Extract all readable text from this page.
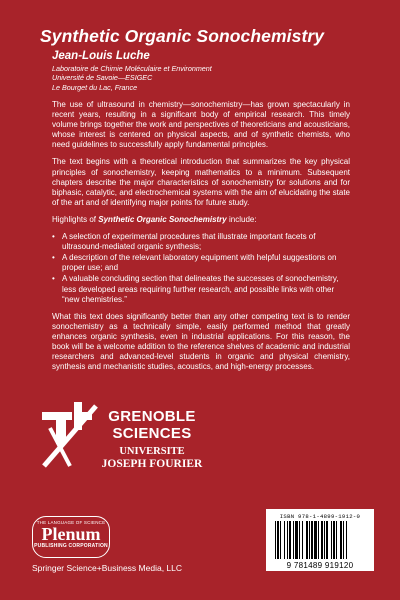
Synthetic Organic Sonochemistry
Jean-Louis Luche
Laboratoire de Chimie Moléculaire et Environment
Université de Savoie—ESIGEC
Le Bourget du Lac, France

The use of ultrasound in chemistry—sonochemistry—has grown spectacularly in recent years, resulting in a significant body of empirical research. This timely volume brings together the work and perspectives of theoreticians and acousticians, whose interest is centered on physical aspects, and of synthetic chemists, who need guidelines to successfully apply fundamental principles.

The text begins with a theoretical introduction that summarizes the key physical principles of sonochemistry, keeping mathematics to a minimum. Subsequent chapters describe the major characteristics of sonochemistry for solutions and for biphasic, catalytic, and electrochemical systems with the aim of elucidating the state of the art and of identifying major points for future study.

Highlights of Synthetic Organic Sonochemistry include:

• A selection of experimental procedures that illustrate important facets of ultrasound-mediated organic synthesis;
• A description of the relevant laboratory equipment with helpful suggestions on proper use; and
• A valuable concluding section that delineates the successes of sonochemistry, less developed areas requiring further research, and possible links with other “new chemistries.”

What this text does significantly better than any other competing text is to render sonochemistry as a technically simple, easily performed method that greatly enhances organic synthesis, even in industrial applications. For this reason, the book will be a welcome addition to the reference shelves of academic and industrial researchers and advanced-level students in organic and physical chemistry, synthesis and mechanistic studies, acoustics, and high-energy processes.

GRENOBLE
SCIENCES
UNIVERSITE
JOSEPH FOURIER
THE LANGUAGE OF SCIENCE
Plenum
PUBLISHING CORPORATION
Springer Science+Business Media, LLC
ISBN 978-1-4899-1912-0
9 781489 919120
